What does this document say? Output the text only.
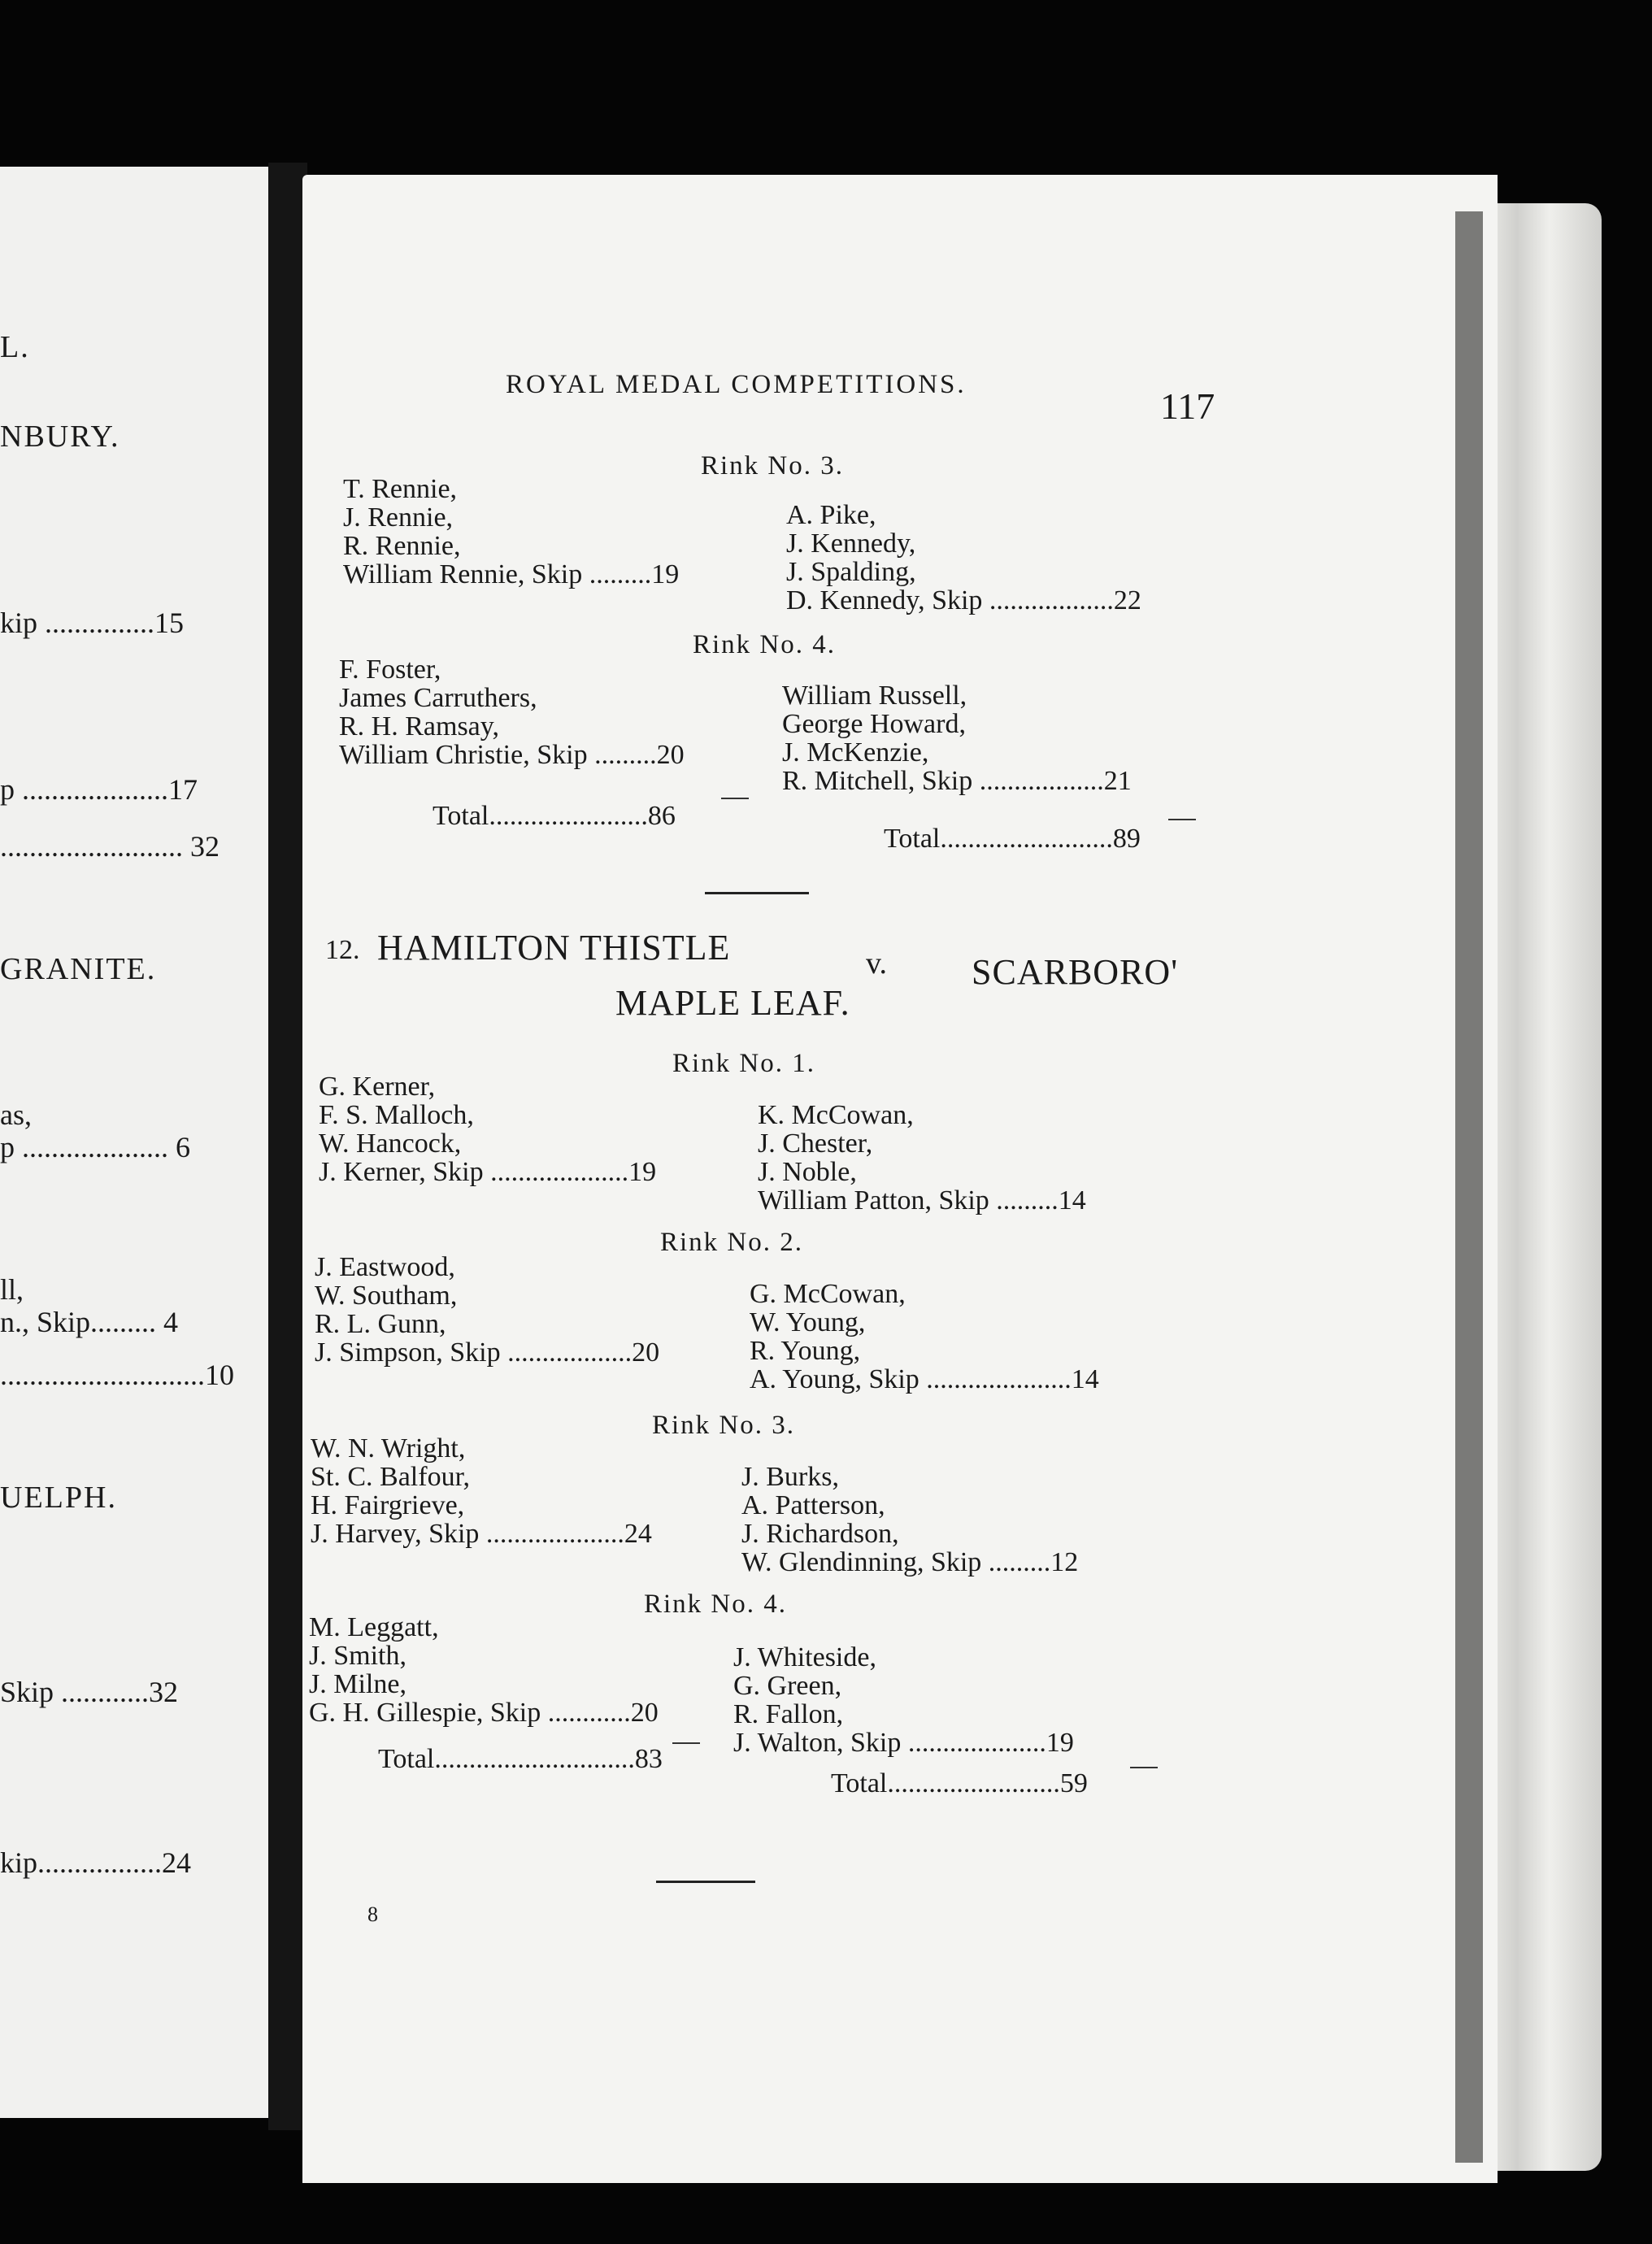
L.
NBURY.
kip ...............15
p ....................17
......................... 32
GRANITE.
as,
p .................... 6
ll,
n., Skip......... 4
............................10
UELPH.
Skip ............32
kip.................24
ROYAL MEDAL COMPETITIONS.
117
Rink No. 3.
T. Rennie,
J. Rennie,
R. Rennie,
William Rennie, Skip .........19
A. Pike,
J. Kennedy,
J. Spalding,
D. Kennedy, Skip ..................22
Rink No. 4.
F. Foster,
James Carruthers,
R. H. Ramsay,
William Christie, Skip .........20
William Russell,
George Howard,
J. McKenzie,
R. Mitchell, Skip ..................21
Total.......................86
Total.........................89
12. HAMILTON THISTLE	v. SCARBORO'
MAPLE LEAF.
Rink No. 1.
G. Kerner,
F. S. Malloch,
W. Hancock,
J. Kerner, Skip ....................19
K. McCowan,
J. Chester,
J. Noble,
William Patton, Skip .........14
Rink No. 2.
J. Eastwood,
W. Southam,
R. L. Gunn,
J. Simpson, Skip ..................20
G. McCowan,
W. Young,
R. Young,
A. Young, Skip .....................14
Rink No. 3.
W. N. Wright,
St. C. Balfour,
H. Fairgrieve,
J. Harvey, Skip ....................24
J. Burks,
A. Patterson,
J. Richardson,
W. Glendinning, Skip .........12
Rink No. 4.
M. Leggatt,
J. Smith,
J. Milne,
G. H. Gillespie, Skip ............20
J. Whiteside,
G. Green,
R. Fallon,
J. Walton, Skip ....................19
Total.............................83
Total.........................59
8
